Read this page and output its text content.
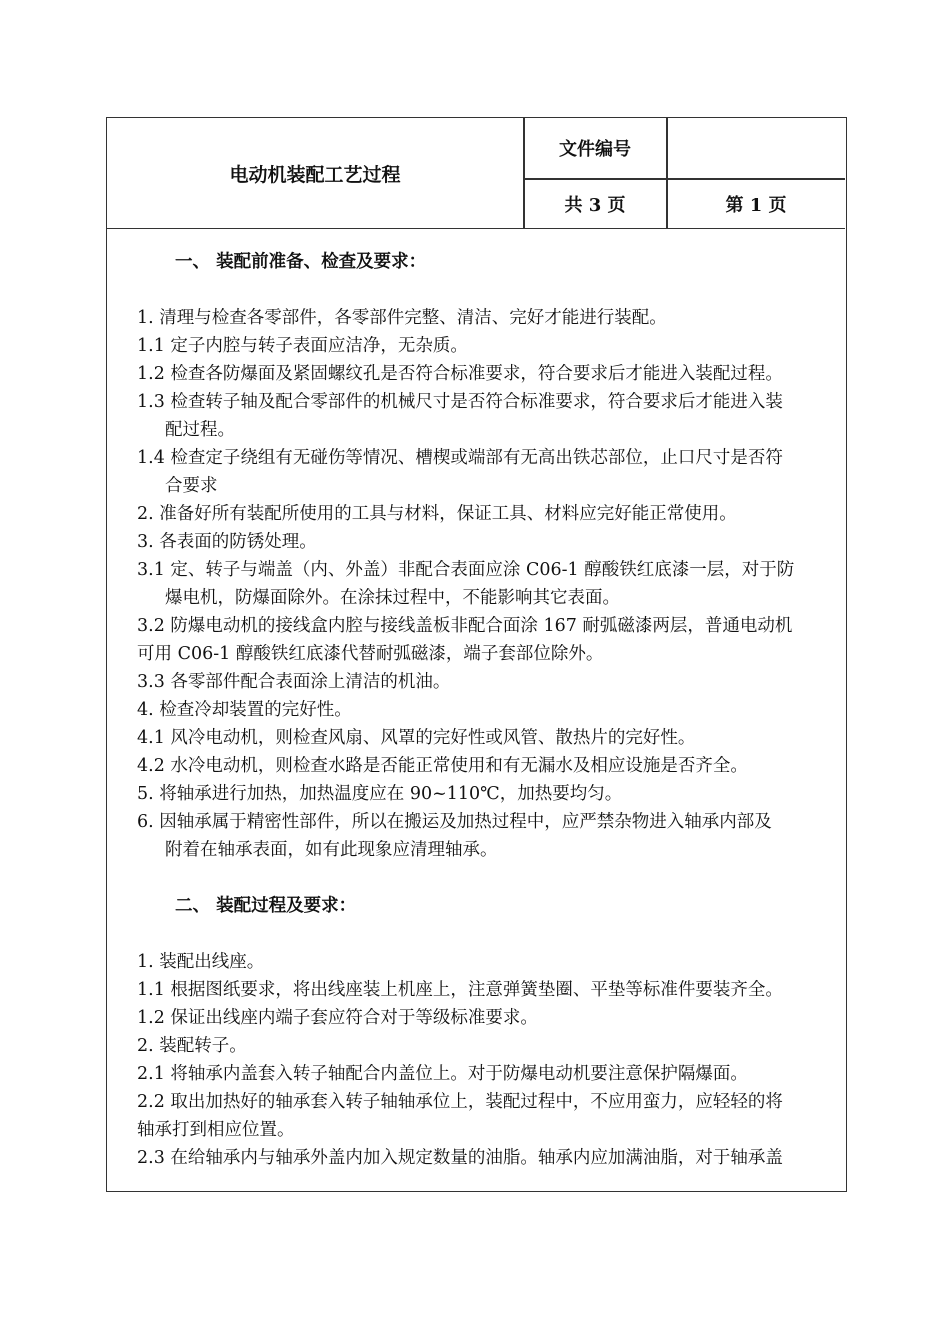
电动机装配工艺过程
文件编号
共 3 页	第 1 页
一、 装配前准备、检查及要求：
1. 清理与检查各零部件，各零部件完整、清洁、完好才能进行装配。
1.1 定子内腔与转子表面应洁净，无杂质。
1.2 检查各防爆面及紧固螺纹孔是否符合标准要求，符合要求后才能进入装配过程。
1.3 检查转子轴及配合零部件的机械尺寸是否符合标准要求，符合要求后才能进入装
配过程。
1.4 检查定子绕组有无碰伤等情况、槽楔或端部有无高出铁芯部位，止口尺寸是否符
合要求
2. 准备好所有装配所使用的工具与材料，保证工具、材料应完好能正常使用。
3. 各表面的防锈处理。
3.1 定、转子与端盖（内、外盖）非配合表面应涂 C06-1 醇酸铁红底漆一层，对于防
爆电机，防爆面除外。在涂抹过程中，不能影响其它表面。
3.2 防爆电动机的接线盒内腔与接线盖板非配合面涂 167 耐弧磁漆两层，普通电动机
可用 C06-1 醇酸铁红底漆代替耐弧磁漆，端子套部位除外。
3.3 各零部件配合表面涂上清洁的机油。
4. 检查冷却装置的完好性。
4.1 风冷电动机，则检查风扇、风罩的完好性或风管、散热片的完好性。
4.2 水冷电动机，则检查水路是否能正常使用和有无漏水及相应设施是否齐全。
5. 将轴承进行加热，加热温度应在 90~110℃，加热要均匀。
6. 因轴承属于精密性部件，所以在搬运及加热过程中，应严禁杂物进入轴承内部及
附着在轴承表面，如有此现象应清理轴承。
二、 装配过程及要求：
1. 装配出线座。
1.1 根据图纸要求，将出线座装上机座上，注意弹簧垫圈、平垫等标准件要装齐全。
1.2 保证出线座内端子套应符合对于等级标准要求。
2. 装配转子。
2.1 将轴承内盖套入转子轴配合内盖位上。对于防爆电动机要注意保护隔爆面。
2.2 取出加热好的轴承套入转子轴轴承位上，装配过程中，不应用蛮力，应轻轻的将
轴承打到相应位置。
2.3 在给轴承内与轴承外盖内加入规定数量的油脂。轴承内应加满油脂，对于轴承盖
